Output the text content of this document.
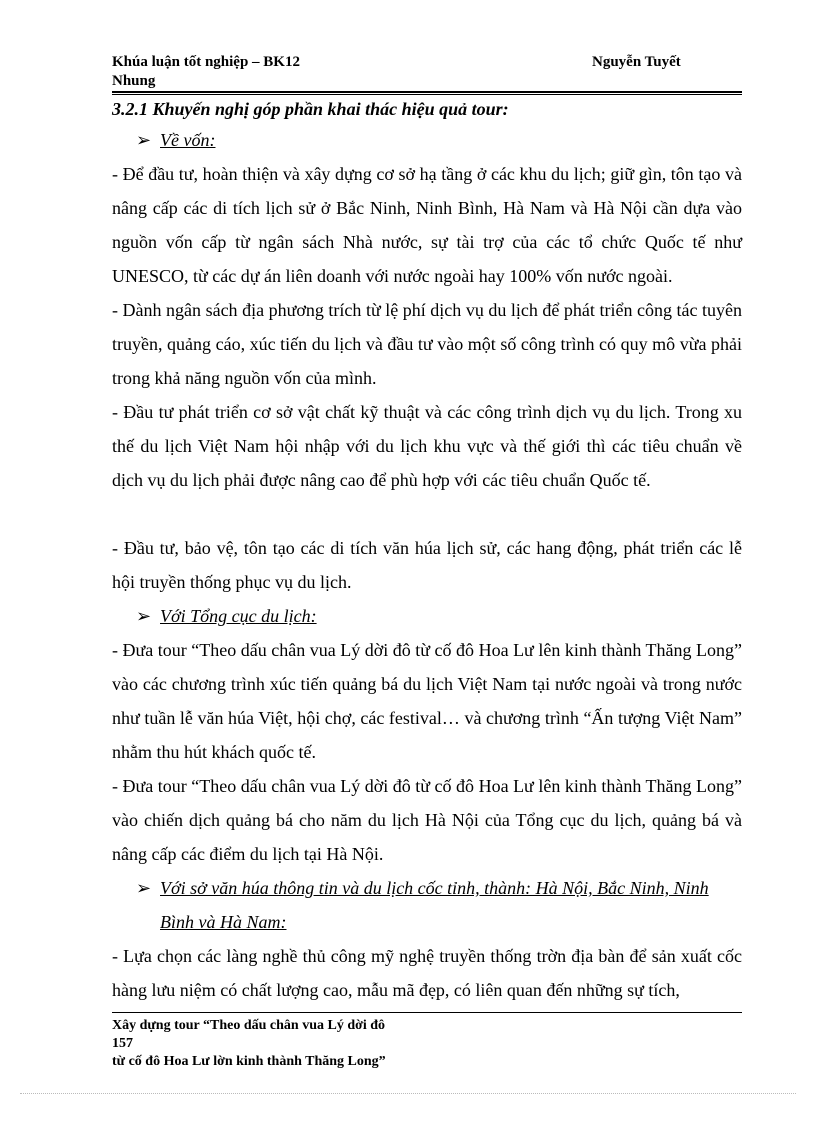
Khúa luận tốt nghiệp – BK12	Nguyễn Tuyết
Nhung

3.2.1 Khuyến nghị góp phần khai thác hiệu quả tour:

➢ Về vốn:

- Để đầu tư, hoàn thiện và xây dựng cơ sở hạ tầng ở các khu du lịch; giữ gìn, tôn tạo và nâng cấp các di tích lịch sử ở Bắc Ninh, Ninh Bình, Hà Nam và Hà Nội cần dựa vào nguồn vốn cấp từ ngân sách Nhà nước, sự tài trợ của các tổ chức Quốc tế như UNESCO, từ các dự án liên doanh với nước ngoài hay 100% vốn nước ngoài.

- Dành ngân sách địa phương trích từ lệ phí dịch vụ du lịch để phát triển công tác tuyên truyền, quảng cáo, xúc tiến du lịch và đầu tư vào một số công trình có quy mô vừa phải trong khả năng nguồn vốn của mình.

- Đầu tư phát triển cơ sở vật chất kỹ thuật và các công trình dịch vụ du lịch. Trong xu thế du lịch Việt Nam hội nhập với du lịch khu vực và thế giới thì các tiêu chuẩn về dịch vụ du lịch phải được nâng cao để phù hợp với các tiêu chuẩn Quốc tế.

- Đầu tư, bảo vệ, tôn tạo các di tích văn húa lịch sử, các hang động, phát triển các lễ hội truyền thống phục vụ du lịch.

➢ Với Tổng cục du lịch:

- Đưa tour “Theo dấu chân vua Lý dời đô từ cố đô Hoa Lư lên kinh thành Thăng Long” vào các chương trình xúc tiến quảng bá du lịch Việt Nam tại nước ngoài và trong nước như tuần lễ văn húa Việt, hội chợ, các festival… và chương trình “Ấn tượng Việt Nam” nhằm thu hút khách quốc tế.

- Đưa tour “Theo dấu chân vua Lý dời đô từ cố đô Hoa Lư lên kinh thành Thăng Long” vào chiến dịch quảng bá cho năm du lịch Hà Nội của Tổng cục du lịch, quảng bá và nâng cấp các điểm du lịch tại Hà Nội.

➢ Với sở văn húa thông tin và du lịch cốc tỉnh, thành: Hà Nội, Bắc Ninh, Ninh Bình và Hà Nam:

- Lựa chọn các làng nghề thủ công mỹ nghệ truyền thống trờn địa bàn để sản xuất cốc hàng lưu niệm có chất lượng cao, mẫu mã đẹp, có liên quan đến những sự tích,

Xây dựng tour “Theo dấu chân vua Lý dời đô
157
từ cố đô Hoa Lư lờn kinh thành Thăng Long”
